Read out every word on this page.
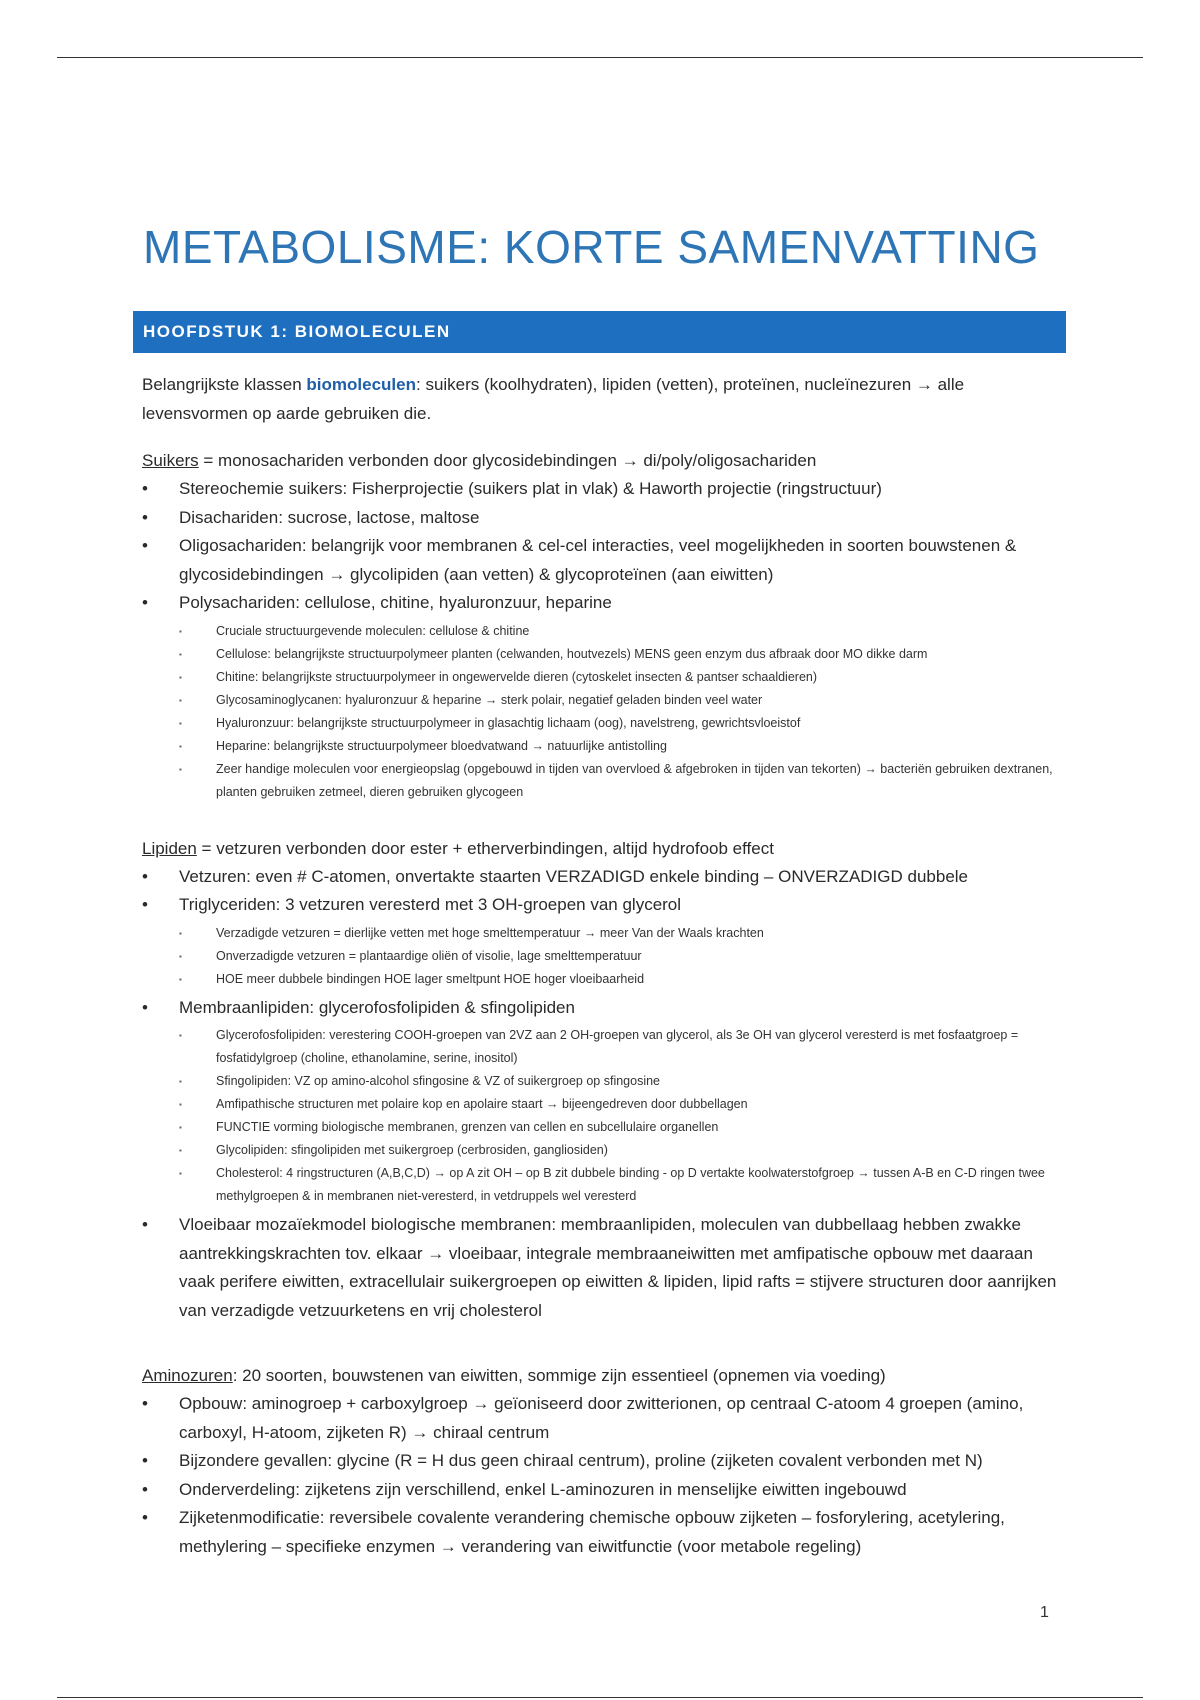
METABOLISME: KORTE SAMENVATTING
HOOFDSTUK 1: BIOMOLECULEN

Belangrijkste klassen biomoleculen: suikers (koolhydraten), lipiden (vetten), proteïnen, nucleïnezuren → alle levensvormen op aarde gebruiken die.

Suikers = monosachariden verbonden door glycosidebindingen → di/poly/oligosachariden

• Stereochemie suikers: Fisherprojectie (suikers plat in vlak) & Haworth projectie (ringstructuur)
• Disachariden: sucrose, lactose, maltose
• Oligosachariden: belangrijk voor membranen & cel-cel interacties, veel mogelijkheden in soorten bouwstenen & glycosidebindingen → glycolipiden (aan vetten) & glycoproteïnen (aan eiwitten)
• Polysachariden: cellulose, chitine, hyaluronzuur, heparine
▪ Cruciale structuurgevende moleculen: cellulose & chitine
▪ Cellulose: belangrijkste structuurpolymeer planten (celwanden, houtvezels) MENS geen enzym dus afbraak door MO dikke darm
▪ Chitine: belangrijkste structuurpolymeer in ongewervelde dieren (cytoskelet insecten & pantser schaaldieren)
▪ Glycosaminoglycanen: hyaluronzuur & heparine → sterk polair, negatief geladen binden veel water
▪ Hyaluronzuur: belangrijkste structuurpolymeer in glasachtig lichaam (oog), navelstreng, gewrichtsvloeistof
▪ Heparine: belangrijkste structuurpolymeer bloedvatwand → natuurlijke antistolling
▪ Zeer handige moleculen voor energieopslag (opgebouwd in tijden van overvloed & afgebroken in tijden van tekorten) → bacteriën gebruiken dextranen, planten gebruiken zetmeel, dieren gebruiken glycogeen

Lipiden = vetzuren verbonden door ester + etherverbindingen, altijd hydrofoob effect

• Vetzuren: even # C-atomen, onvertakte staarten VERZADIGD enkele binding – ONVERZADIGD dubbele
• Triglyceriden: 3 vetzuren veresterd met 3 OH-groepen van glycerol
▪ Verzadigde vetzuren = dierlijke vetten met hoge smelttemperatuur → meer Van der Waals krachten
▪ Onverzadigde vetzuren = plantaardige oliën of visolie, lage smelttemperatuur
▪ HOE meer dubbele bindingen HOE lager smeltpunt HOE hoger vloeibaarheid
• Membraanlipiden: glycerofosfolipiden & sfingolipiden
▪ Glycerofosfolipiden: verestering COOH-groepen van 2VZ aan 2 OH-groepen van glycerol, als 3e OH van glycerol veresterd is met fosfaatgroep = fosfatidylgroep (choline, ethanolamine, serine, inositol)
▪ Sfingolipiden: VZ op amino-alcohol sfingosine & VZ of suikergroep op sfingosine
▪ Amfipathische structuren met polaire kop en apolaire staart → bijeengedreven door dubbellagen
▪ FUNCTIE vorming biologische membranen, grenzen van cellen en subcellulaire organellen
▪ Glycolipiden: sfingolipiden met suikergroep (cerbrosiden, gangliosiden)
▪ Cholesterol: 4 ringstructuren (A,B,C,D) → op A zit OH – op B zit dubbele binding - op D vertakte koolwaterstofgroep → tussen A-B en C-D ringen twee methylgroepen & in membranen niet-veresterd, in vetdruppels wel veresterd
• Vloeibaar mozaïekmodel biologische membranen: membraanlipiden, moleculen van dubbellaag hebben zwakke aantrekkingskrachten tov. elkaar → vloeibaar, integrale membraaneiwitten met amfipatische opbouw met daaraan vaak perifere eiwitten, extracellulair suikergroepen op eiwitten & lipiden, lipid rafts = stijvere structuren door aanrijken van verzadigde vetzuurketens en vrij cholesterol

Aminozuren: 20 soorten, bouwstenen van eiwitten, sommige zijn essentieel (opnemen via voeding)

• Opbouw: aminogroep + carboxylgroep → geïoniseerd door zwitterionen, op centraal C-atoom 4 groepen (amino, carboxyl, H-atoom, zijketen R) → chiraal centrum
• Bijzondere gevallen: glycine (R = H dus geen chiraal centrum), proline (zijketen covalent verbonden met N)
• Onderverdeling: zijketens zijn verschillend, enkel L-aminozuren in menselijke eiwitten ingebouwd
• Zijketenmodificatie: reversibele covalente verandering chemische opbouw zijketen – fosforylering, acetylering, methylering – specifieke enzymen → verandering van eiwitfunctie (voor metabole regeling)
1
